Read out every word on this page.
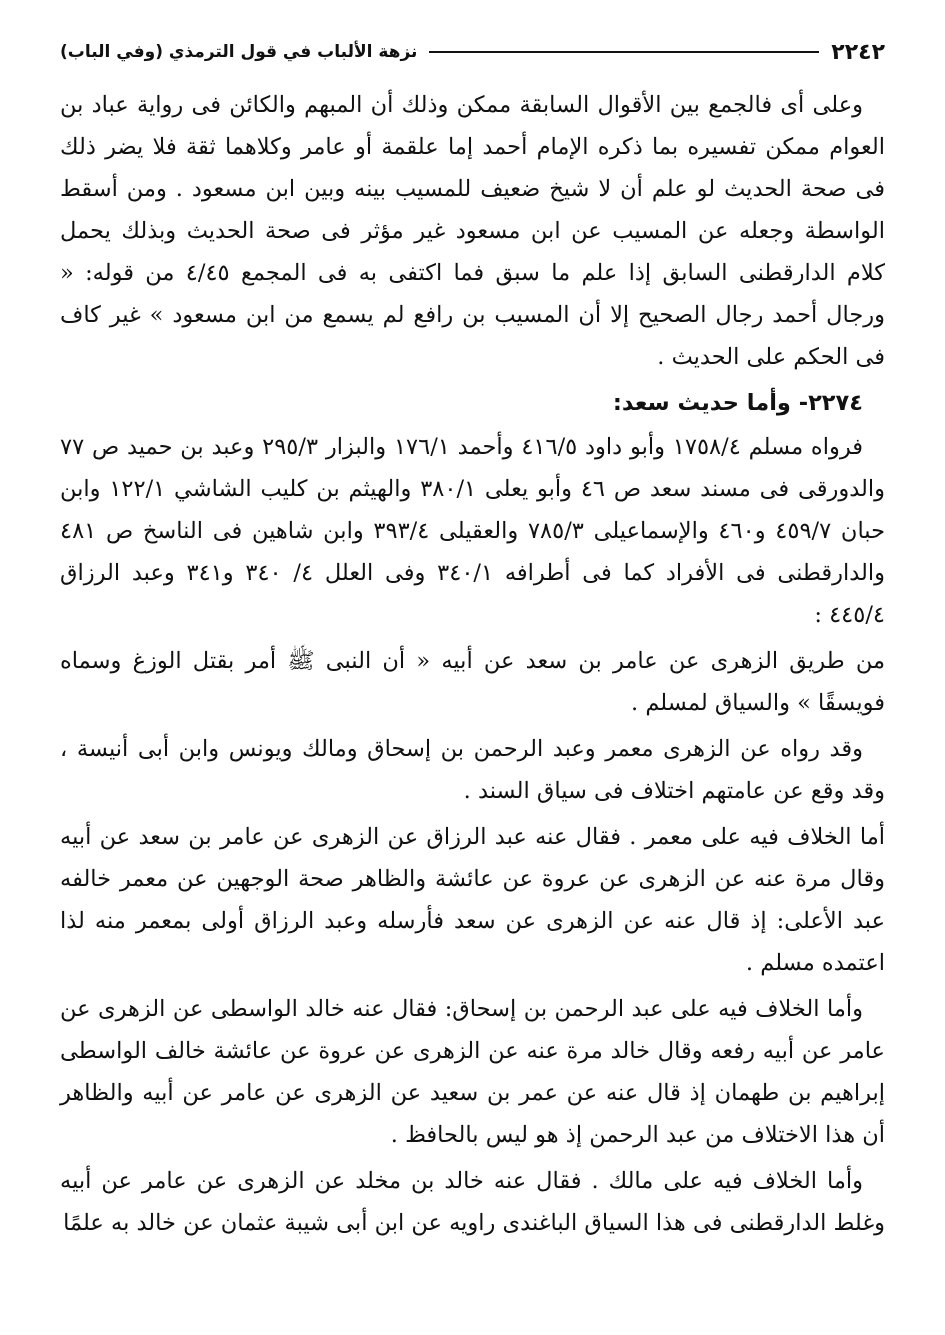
٢٢٤٢
نزهة الألباب في قول الترمذي (وفي الباب)

وعلى أى فالجمع بين الأقوال السابقة ممكن وذلك أن المبهم والكائن فى رواية عباد بن العوام ممكن تفسيره بما ذكره الإمام أحمد إما علقمة أو عامر وكلاهما ثقة فلا يضر ذلك فى صحة الحديث لو علم أن لا شيخ ضعيف للمسيب بينه وبين ابن مسعود . ومن أسقط الواسطة وجعله عن المسيب عن ابن مسعود غير مؤثر فى صحة الحديث وبذلك يحمل كلام الدارقطنى السابق إذا علم ما سبق فما اكتفى به فى المجمع ٤/٤٥ من قوله: « ورجال أحمد رجال الصحيح إلا أن المسيب بن رافع لم يسمع من ابن مسعود » غير كاف فى الحكم على الحديث .

٢٢٧٤- وأما حديث سعد:

فرواه مسلم ١٧٥٨/٤ وأبو داود ٤١٦/٥ وأحمد ١٧٦/١ والبزار ٢٩٥/٣ وعبد بن حميد ص ٧٧ والدورقى فى مسند سعد ص ٤٦ وأبو يعلى ٣٨٠/١ والهيثم بن كليب الشاشي ١٢٢/١ وابن حبان ٤٥٩/٧ و٤٦٠ والإسماعيلى ٧٨٥/٣ والعقيلى ٣٩٣/٤ وابن شاهين فى الناسخ ص ٤٨١ والدارقطنى فى الأفراد كما فى أطرافه ٣٤٠/١ وفى العلل ٤/ ٣٤٠ و٣٤١ وعبد الرزاق ٤٤٥/٤ :

من طريق الزهرى عن عامر بن سعد عن أبيه « أن النبى ﷺ أمر بقتل الوزغ وسماه فويسقًا » والسياق لمسلم .

وقد رواه عن الزهرى معمر وعبد الرحمن بن إسحاق ومالك ويونس وابن أبى أنيسة ، وقد وقع عن عامتهم اختلاف فى سياق السند .

أما الخلاف فيه على معمر . فقال عنه عبد الرزاق عن الزهرى عن عامر بن سعد عن أبيه وقال مرة عنه عن الزهرى عن عروة عن عائشة والظاهر صحة الوجهين عن معمر خالفه عبد الأعلى: إذ قال عنه عن الزهرى عن سعد فأرسله وعبد الرزاق أولى بمعمر منه لذا اعتمده مسلم .

وأما الخلاف فيه على عبد الرحمن بن إسحاق: فقال عنه خالد الواسطى عن الزهرى عن عامر عن أبيه رفعه وقال خالد مرة عنه عن الزهرى عن عروة عن عائشة خالف الواسطى إبراهيم بن طهمان إذ قال عنه عن عمر بن سعيد عن الزهرى عن عامر عن أبيه والظاهر أن هذا الاختلاف من عبد الرحمن إذ هو ليس بالحافظ .

وأما الخلاف فيه على مالك . فقال عنه خالد بن مخلد عن الزهرى عن عامر عن أبيه وغلط الدارقطنى فى هذا السياق الباغندى راويه عن ابن أبى شيبة عثمان عن خالد به علمًا
